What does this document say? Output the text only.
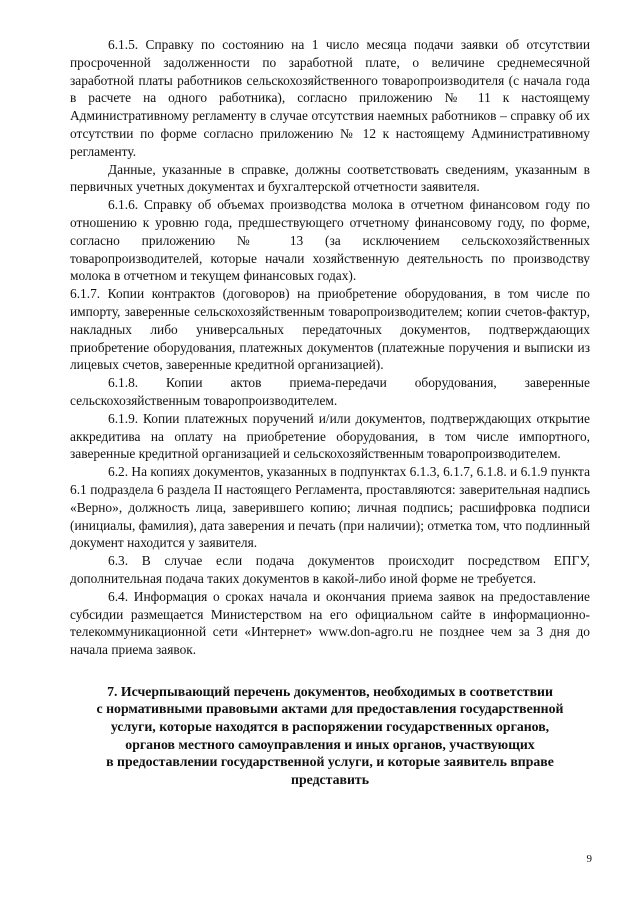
6.1.5. Справку по состоянию на 1 число месяца подачи заявки об отсутствии просроченной задолженности по заработной плате, о величине среднемесячной заработной платы работников сельскохозяйственного товаропроизводителя (с начала года в расчете на одного работника), согласно приложению № 11 к настоящему Административному регламенту в случае отсутствия наемных работников – справку об их отсутствии по форме согласно приложению № 12 к настоящему Административному регламенту.

Данные, указанные в справке, должны соответствовать сведениям, указанным в первичных учетных документах и бухгалтерской отчетности заявителя.

6.1.6. Справку об объемах производства молока в отчетном финансовом году по отношению к уровню года, предшествующего отчетному финансовому году, по форме, согласно приложению № 13 (за исключением сельскохозяйственных товаропроизводителей, которые начали хозяйственную деятельность по производству молока в отчетном и текущем финансовых годах).

6.1.7. Копии контрактов (договоров) на приобретение оборудования, в том числе по импорту, заверенные сельскохозяйственным товаропроизводителем; копии счетов-фактур, накладных либо универсальных передаточных документов, подтверждающих приобретение оборудования, платежных документов (платежные поручения и выписки из лицевых счетов, заверенные кредитной организацией).

6.1.8. Копии актов приема-передачи оборудования, заверенные сельскохозяйственным товаропроизводителем.

6.1.9. Копии платежных поручений и/или документов, подтверждающих открытие аккредитива на оплату на приобретение оборудования, в том числе импортного, заверенные кредитной организацией и сельскохозяйственным товаропроизводителем.

6.2. На копиях документов, указанных в подпунктах 6.1.3, 6.1.7, 6.1.8. и 6.1.9 пункта 6.1 подраздела 6 раздела II настоящего Регламента, проставляются: заверительная надпись «Верно», должность лица, заверившего копию; личная подпись; расшифровка подписи (инициалы, фамилия), дата заверения и печать (при наличии); отметка том, что подлинный документ находится у заявителя.

6.3. В случае если подача документов происходит посредством ЕПГУ, дополнительная подача таких документов в какой-либо иной форме не требуется.

6.4. Информация о сроках начала и окончания приема заявок на предоставление субсидии размещается Министерством на его официальном сайте в информационно-телекоммуникационной сети «Интернет» www.don-agro.ru не позднее чем за 3 дня до начала приема заявок.

7. Исчерпывающий перечень документов, необходимых в соответствии
с нормативными правовыми актами для предоставления государственной
услуги, которые находятся в распоряжении государственных органов,
органов местного самоуправления и иных органов, участвующих
в предоставлении государственной услуги, и которые заявитель вправе
представить
9
